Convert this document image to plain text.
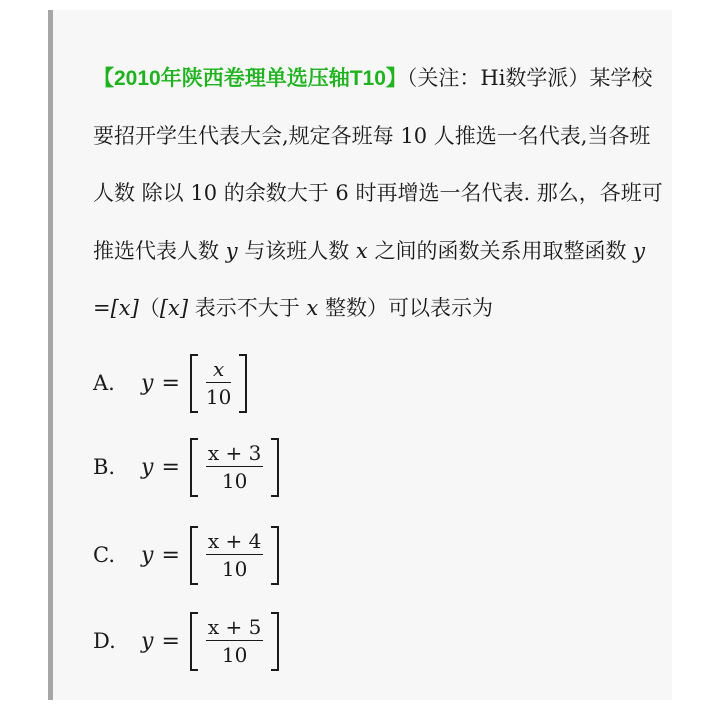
【2010年陕西卷理单选压轴T10】（关注：Hi数学派）某学校要招开学生代表大会,规定各班每 10 人推选一名代表,当各班人数 除以 10 的余数大于 6 时再增选一名代表. 那么，各班可推选代表人数 y 与该班人数 x 之间的函数关系用取整函数 y =[x]（[x] 表示不大于 x 整数）可以表示为

A.	$y = \frac{x}{10}$
B.	$y = \frac{x + 3}{10}$
C.	$y = \frac{x + 4}{10}$
D.	$y = \frac{x + 5}{10}$
